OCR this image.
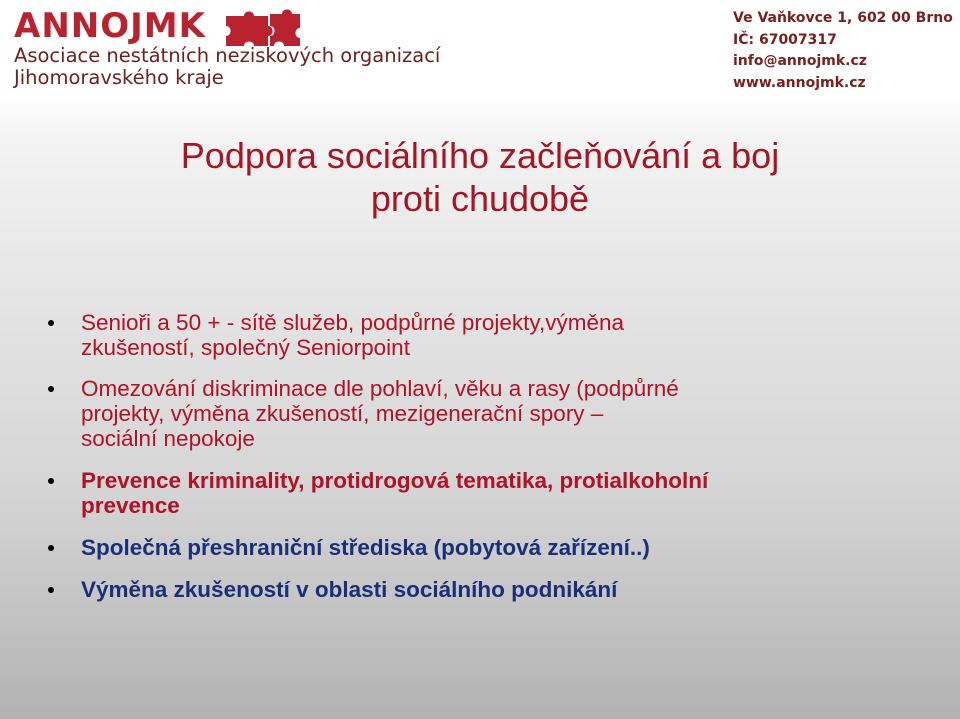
ANNOJMK
Asociace nestátních neziskových organizací
Jihomoravského kraje
Ve Vaňkovce 1, 602 00 Brno
IČ: 67007317
info@annojmk.cz
www.annojmk.cz
Podpora sociálního začleňování a boj
proti chudobě
Senioři a 50 + - sítě služeb, podpůrné projekty,výměna
zkušeností, společný Seniorpoint
Omezování diskriminace dle pohlaví, věku a rasy (podpůrné
projekty, výměna zkušeností, mezigenerační spory –
sociální nepokoje
Prevence kriminality, protidrogová tematika, protialkoholní
prevence
Společná přeshraniční střediska (pobytová zařízení..)
Výměna zkušeností v oblasti sociálního podnikání
